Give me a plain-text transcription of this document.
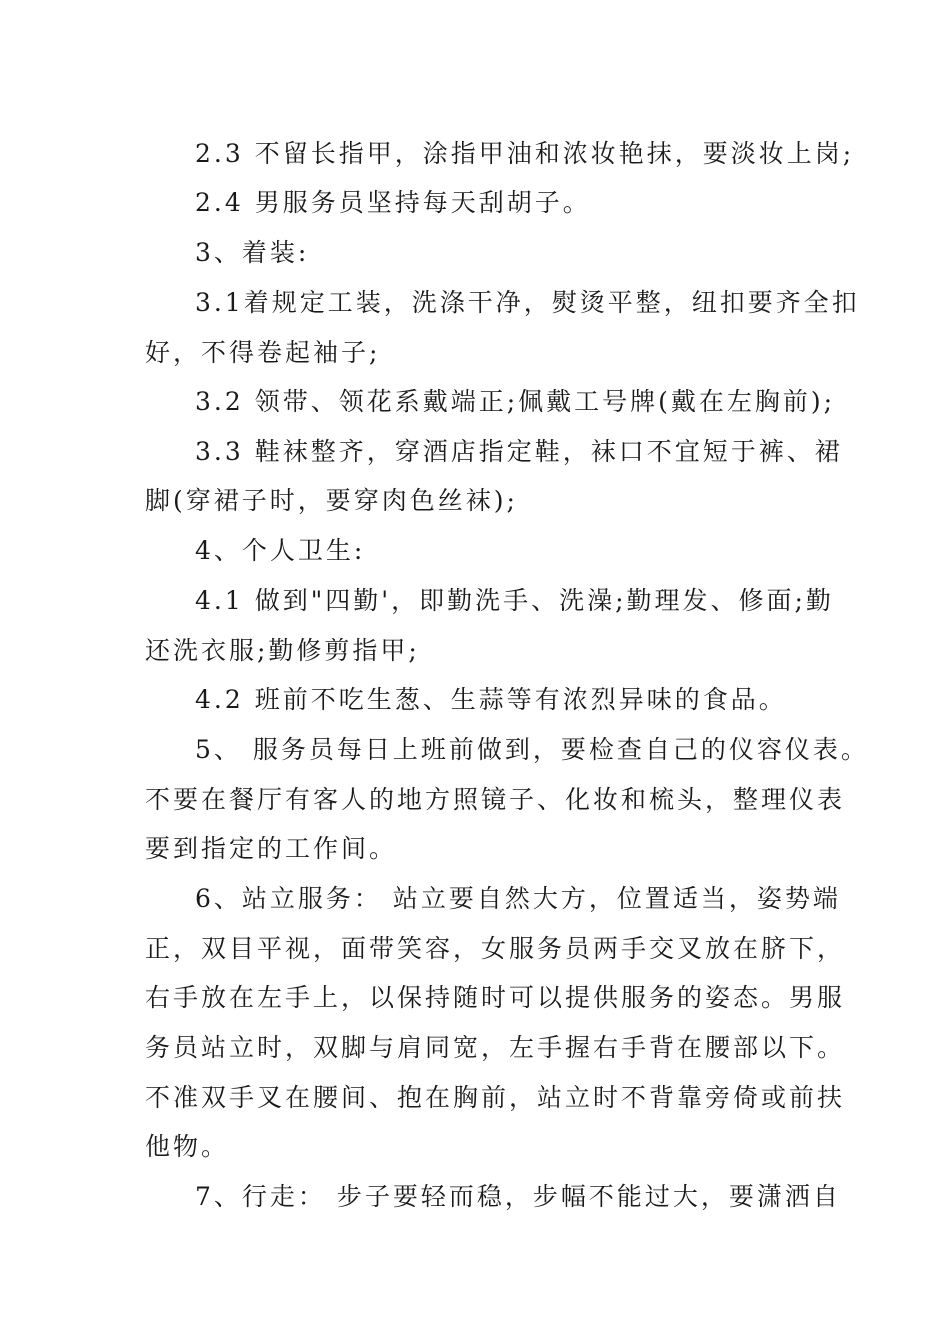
2.3 不留长指甲，涂指甲油和浓妆艳抹，要淡妆上岗;
2.4 男服务员坚持每天刮胡子。
3、着装:
3.1着规定工装，洗涤干净，熨烫平整，纽扣要齐全扣
好，不得卷起袖子;
3.2 领带、领花系戴端正;佩戴工号牌(戴在左胸前);
3.3 鞋袜整齐，穿酒店指定鞋，袜口不宜短于裤、裙
脚(穿裙子时，要穿肉色丝袜);
4、个人卫生:
4.1 做到"四勤'，即勤洗手、洗澡;勤理发、修面;勤
还洗衣服;勤修剪指甲;
4.2 班前不吃生葱、生蒜等有浓烈异味的食品。
5、 服务员每日上班前做到，要检查自己的仪容仪表。
不要在餐厅有客人的地方照镜子、化妆和梳头，整理仪表
要到指定的工作间。
6、站立服务： 站立要自然大方，位置适当，姿势端
正，双目平视，面带笑容，女服务员两手交叉放在脐下，
右手放在左手上，以保持随时可以提供服务的姿态。男服
务员站立时，双脚与肩同宽，左手握右手背在腰部以下。
不准双手叉在腰间、抱在胸前，站立时不背靠旁倚或前扶
他物。
7、行走： 步子要轻而稳，步幅不能过大，要潇洒自
